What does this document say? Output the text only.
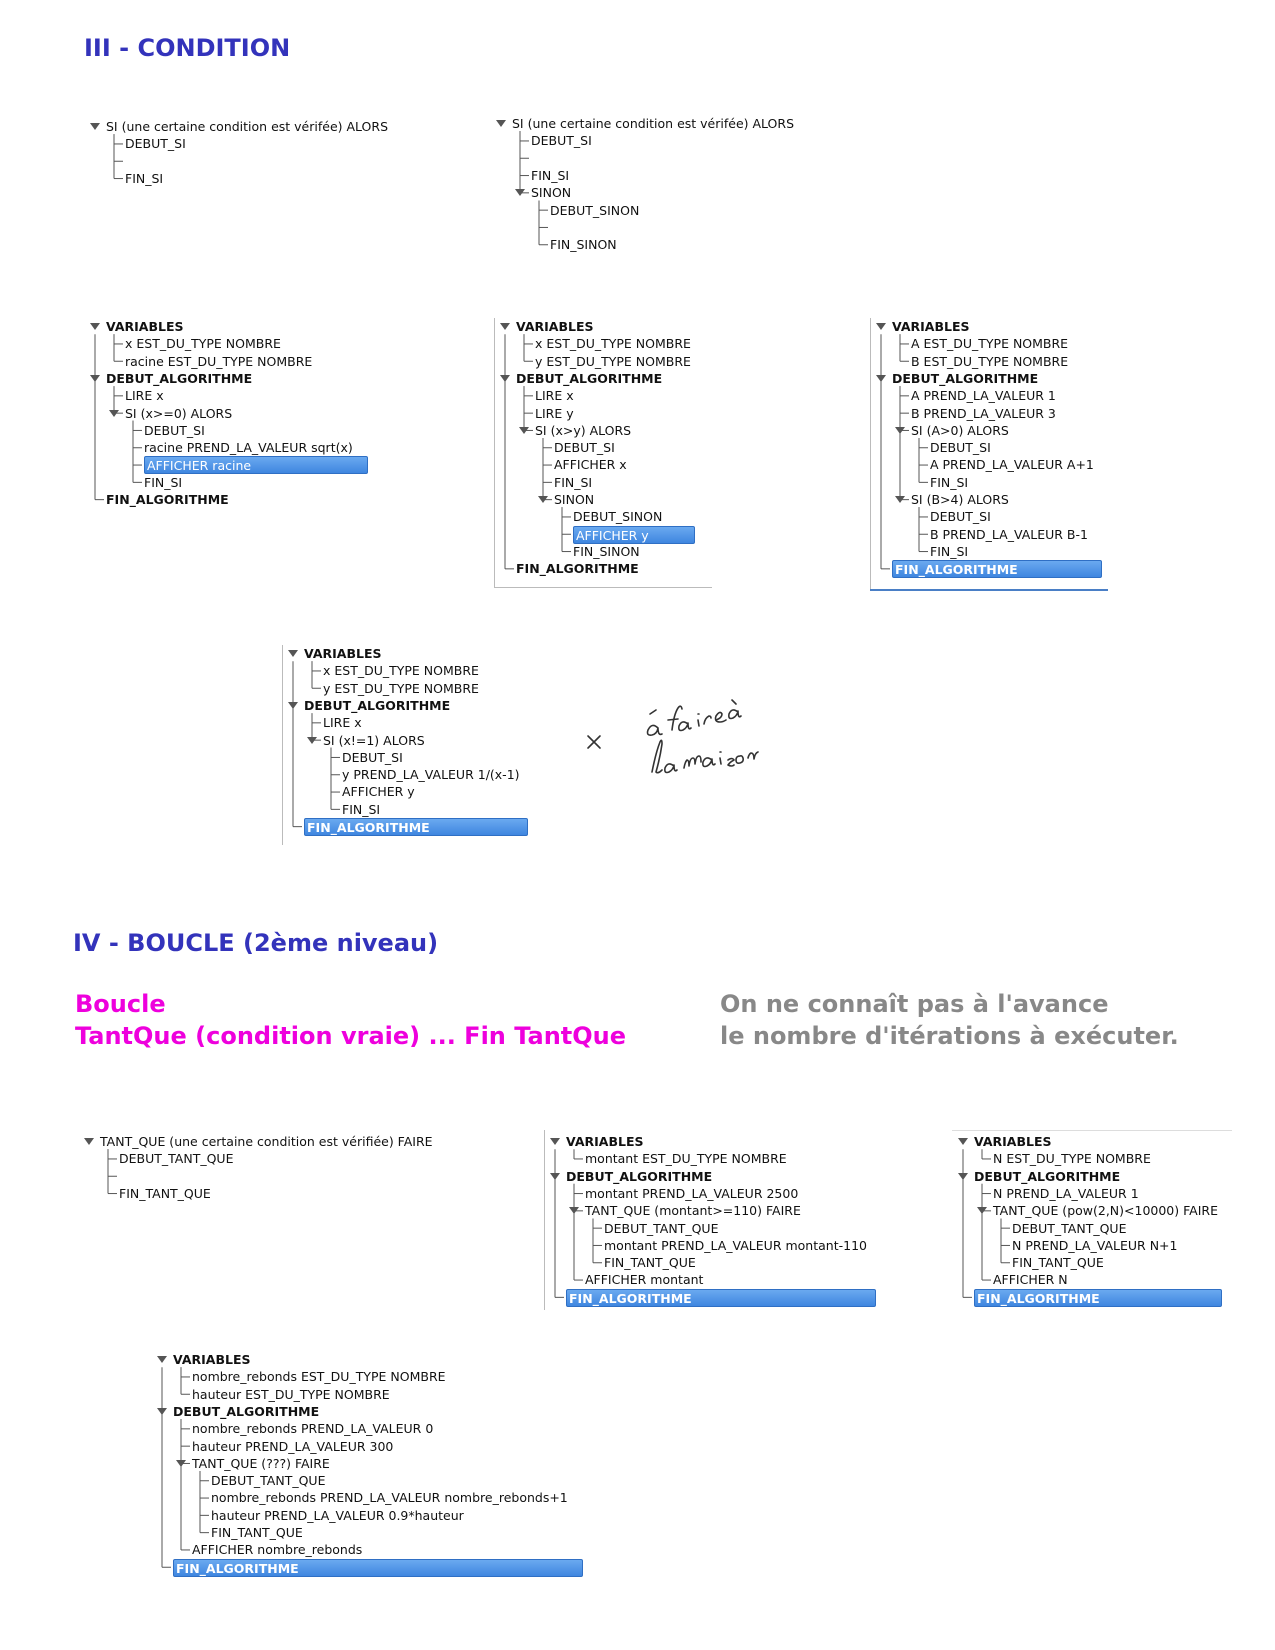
III - CONDITION
IV - BOUCLE (2ème niveau)
Boucle
TantQue (condition vraie) ... Fin TantQue
On ne connaît pas à l'avance
le nombre d'itérations à exécuter.
SI (une certaine condition est vérifée) ALORS
DEBUT_SI
FIN_SI
SI (une certaine condition est vérifée) ALORS
DEBUT_SI
FIN_SI
SINON
DEBUT_SINON
FIN_SINON
VARIABLES
x EST_DU_TYPE NOMBRE
racine EST_DU_TYPE NOMBRE
DEBUT_ALGORITHME
LIRE x
SI (x>=0) ALORS
DEBUT_SI
racine PREND_LA_VALEUR sqrt(x)
AFFICHER racine
FIN_SI
FIN_ALGORITHME
VARIABLES
x EST_DU_TYPE NOMBRE
y EST_DU_TYPE NOMBRE
DEBUT_ALGORITHME
LIRE x
LIRE y
SI (x>y) ALORS
DEBUT_SI
AFFICHER x
FIN_SI
SINON
DEBUT_SINON
AFFICHER y
FIN_SINON
FIN_ALGORITHME
VARIABLES
A EST_DU_TYPE NOMBRE
B EST_DU_TYPE NOMBRE
DEBUT_ALGORITHME
A PREND_LA_VALEUR 1
B PREND_LA_VALEUR 3
SI (A>0) ALORS
DEBUT_SI
A PREND_LA_VALEUR A+1
FIN_SI
SI (B>4) ALORS
DEBUT_SI
B PREND_LA_VALEUR B-1
FIN_SI
FIN_ALGORITHME
VARIABLES
x EST_DU_TYPE NOMBRE
y EST_DU_TYPE NOMBRE
DEBUT_ALGORITHME
LIRE x
SI (x!=1) ALORS
DEBUT_SI
y PREND_LA_VALEUR 1/(x-1)
AFFICHER y
FIN_SI
FIN_ALGORITHME
TANT_QUE (une certaine condition est vérifiée) FAIRE
DEBUT_TANT_QUE
FIN_TANT_QUE
VARIABLES
montant EST_DU_TYPE NOMBRE
DEBUT_ALGORITHME
montant PREND_LA_VALEUR 2500
TANT_QUE (montant>=110) FAIRE
DEBUT_TANT_QUE
montant PREND_LA_VALEUR montant-110
FIN_TANT_QUE
AFFICHER montant
FIN_ALGORITHME
VARIABLES
N EST_DU_TYPE NOMBRE
DEBUT_ALGORITHME
N PREND_LA_VALEUR 1
TANT_QUE (pow(2,N)<10000) FAIRE
DEBUT_TANT_QUE
N PREND_LA_VALEUR N+1
FIN_TANT_QUE
AFFICHER N
FIN_ALGORITHME
VARIABLES
nombre_rebonds EST_DU_TYPE NOMBRE
hauteur EST_DU_TYPE NOMBRE
DEBUT_ALGORITHME
nombre_rebonds PREND_LA_VALEUR 0
hauteur PREND_LA_VALEUR 300
TANT_QUE (???) FAIRE
DEBUT_TANT_QUE
nombre_rebonds PREND_LA_VALEUR nombre_rebonds+1
hauteur PREND_LA_VALEUR 0.9*hauteur
FIN_TANT_QUE
AFFICHER nombre_rebonds
FIN_ALGORITHME
